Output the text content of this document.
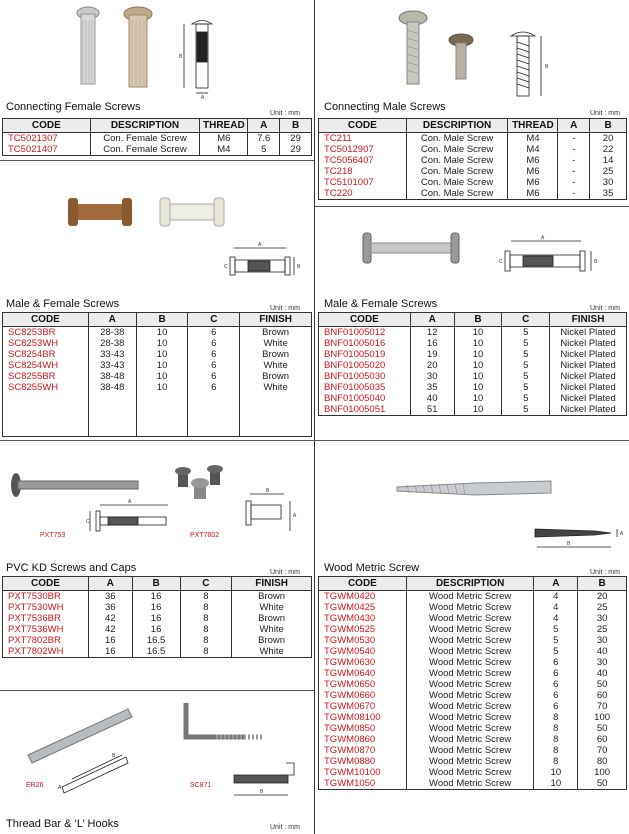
B
A
Connecting Female Screws
Unit : mm
CODE	DESCRIPTION	THREAD	A	B
TC5021307	Con. Female Screw	M6	7.6	29
TC5021407	Con. Female Screw	M4	5	29
B
Connecting Male Screws
Unit : mm
CODE	DESCRIPTION	THREAD	A	B
TC211	Con. Male Screw	M4	-	20
TC5012907	Con. Male Screw	M4	-	22
TC5056407	Con. Male Screw	M6	-	14
TC218	Con. Male Screw	M6	-	25
TC5101007	Con. Male Screw	M6	-	30
TC220	Con. Male Screw	M6	-	35
A
C	B
Male & Female Screws	Unit : mm
CODE	A	B	C	FINISH
SC8253BR	28-38	10	6	Brown
SC8253WH	28-38	10	6	White
SC8254BR	33-43	10	6	Brown
SC8254WH	33-43	10	6	White
SC8255BR	38-48	10	6	Brown
SC8255WH	38-48	10	6	White

A
C	B
Male & Female Screws	Unit : mm
CODE	A	B	C	FINISH
BNF01005012	12	10	5	Nickel Plated
BNF01005016	16	10	5	Nickel Plated
BNF01005019	19	10	5	Nickel Plated
BNF01005020	20	10	5	Nickel Plated
BNF01005030	30	10	5	Nickel Plated
BNF01005035	35	10	5	Nickel Plated
BNF01005040	40	10	5	Nickel Plated
BNF01005051	51	10	5	Nickel Plated
A
C
B
A
PXT753	PXT7802
PVC KD Screws and Caps	Unit : mm
CODE	A	B	C	FINISH
PXT7530BR	36	16	8	Brown
PXT7530WH	36	16	8	White
PXT7536BR	42	16	8	Brown
PXT7536WH	42	16	8	White
PXT7802BR	16	16.5	8	Brown
PXT7802WH	16	16.5	8	White
B
A
B
ER26	SC871
Thread Bar & ‘L’ Hooks	Unit : mm
B
A
Wood Metric Screw	Unit : mm
CODE	DESCRIPTION	A	B
TGWM0420	Wood Metric Screw	4	20
TGWM0425	Wood Metric Screw	4	25
TGWM0430	Wood Metric Screw	4	30
TGWM0525	Wood Metric Screw	5	25
TGWM0530	Wood Metric Screw	5	30
TGWM0540	Wood Metric Screw	5	40
TGWM0630	Wood Metric Screw	6	30
TGWM0640	Wood Metric Screw	6	40
TGWM0650	Wood Metric Screw	6	50
TGWM0660	Wood Metric Screw	6	60
TGWM0670	Wood Metric Screw	6	70
TGWM08100	Wood Metric Screw	8	100
TGWM0850	Wood Metric Screw	8	50
TGWM0860	Wood Metric Screw	8	60
TGWM0870	Wood Metric Screw	8	70
TGWM0880	Wood Metric Screw	8	80
TGWM10100	Wood Metric Screw	10	100
TGWM1050	Wood Metric Screw	10	50
